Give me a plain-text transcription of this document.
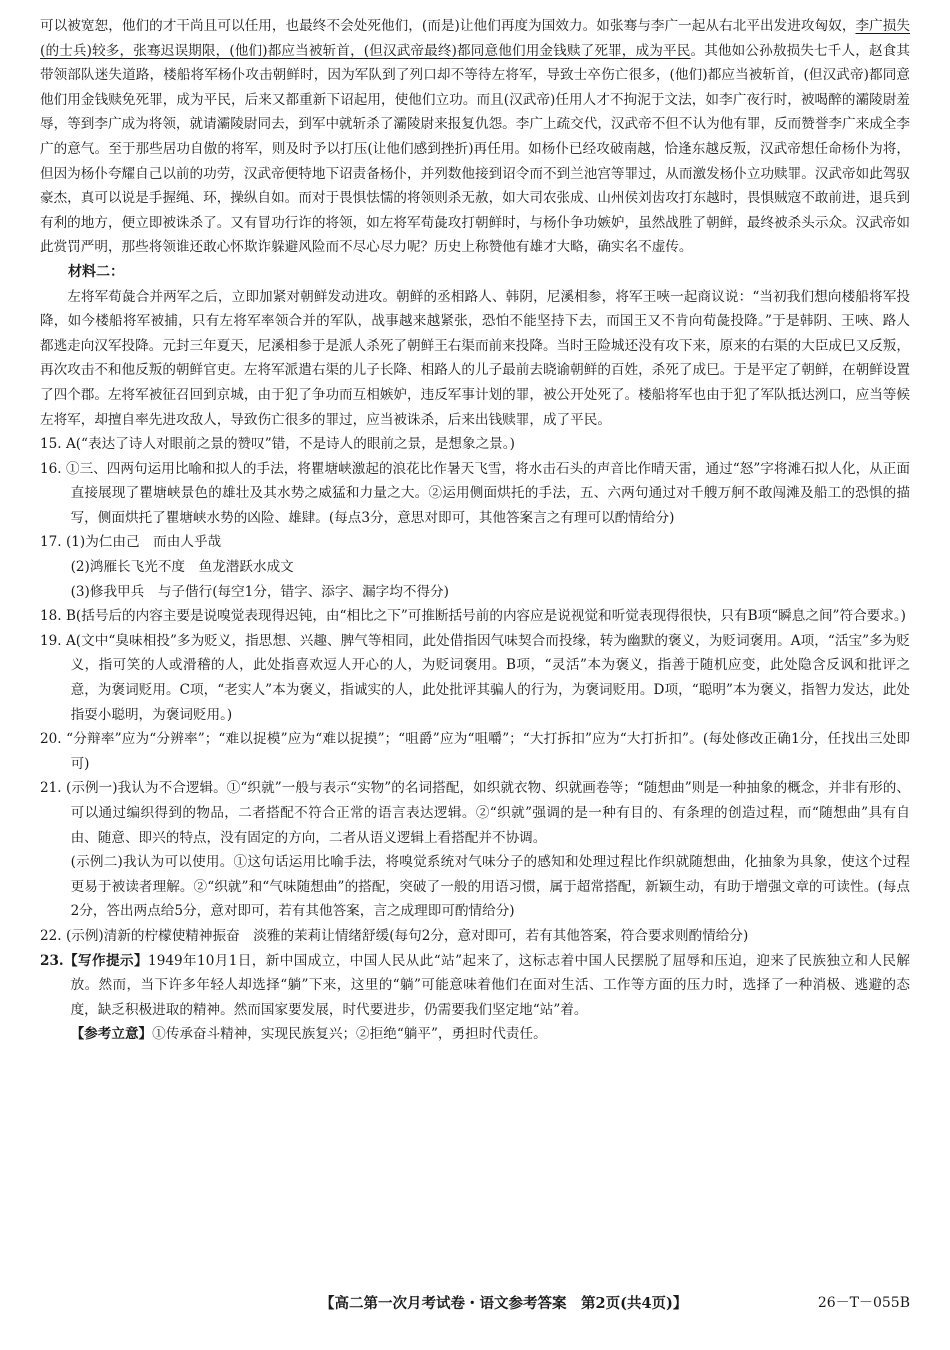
可以被宽恕，他们的才干尚且可以任用，也最终不会处死他们，(而是)让他们再度为国效力。如张骞与李广一起从右北平出发进攻匈奴，李广损失(的士兵)较多，张骞迟误期限，(他们)都应当被斩首，(但汉武帝最终)都同意他们用金钱赎了死罪，成为平民。其他如公孙敖损失七千人，赵食其带领部队迷失道路，楼船将军杨仆攻击朝鲜时，因为军队到了列口却不等待左将军，导致士卒伤亡很多，(他们)都应当被斩首，(但汉武帝)都同意他们用金钱赎免死罪，成为平民，后来又都重新下诏起用，使他们立功。而且(汉武帝)任用人才不拘泥于文法，如李广夜行时，被喝醉的灞陵尉羞辱，等到李广成为将领，就请灞陵尉同去，到军中就斩杀了灞陵尉来报复仇怨。李广上疏交代，汉武帝不但不认为他有罪，反而赞誉李广来成全李广的意气。至于那些居功自傲的将军，则及时予以打压(让他们感到挫折)再任用。如杨仆已经攻破南越，恰逢东越反叛，汉武帝想任命杨仆为将，但因为杨仆夸耀自己以前的功劳，汉武帝便特地下诏责备杨仆，并列数他接到诏令而不到兰池宫等罪过，从而激发杨仆立功赎罪。汉武帝如此驾驭豪杰，真可以说是手握绳、环，操纵自如。而对于畏惧怯懦的将领则杀无赦，如大司农张成、山州侯刘齿攻打东越时，畏惧贼寇不敢前进，退兵到有利的地方，便立即被诛杀了。又有冒功行诈的将领，如左将军荀彘攻打朝鲜时，与杨仆争功嫉妒，虽然战胜了朝鲜，最终被杀头示众。汉武帝如此赏罚严明，那些将领谁还敢心怀欺诈躲避风险而不尽心尽力呢？历史上称赞他有雄才大略，确实名不虚传。

材料二：

左将军荀彘合并两军之后，立即加紧对朝鲜发动进攻。朝鲜的丞相路人、韩阴，尼溪相参，将军王唊一起商议说：“当初我们想向楼船将军投降，如今楼船将军被捕，只有左将军率领合并的军队，战事越来越紧张，恐怕不能坚持下去，而国王又不肯向荀彘投降。”于是韩阴、王唊、路人都逃走向汉军投降。元封三年夏天，尼溪相参于是派人杀死了朝鲜王右渠而前来投降。当时王险城还没有攻下来，原来的右渠的大臣成巳又反叛，再次攻击不和他反叛的朝鲜官吏。左将军派遣右渠的儿子长降、相路人的儿子最前去晓谕朝鲜的百姓，杀死了成巳。于是平定了朝鲜，在朝鲜设置了四个郡。左将军被征召回到京城，由于犯了争功而互相嫉妒，违反军事计划的罪，被公开处死了。楼船将军也由于犯了军队抵达洌口，应当等候左将军，却擅自率先进攻敌人，导致伤亡很多的罪过，应当被诛杀，后来出钱赎罪，成了平民。

15. A(“表达了诗人对眼前之景的赞叹”错，不是诗人的眼前之景，是想象之景。)

16. ①三、四两句运用比喻和拟人的手法，将瞿塘峡激起的浪花比作暑天飞雪，将水击石头的声音比作晴天雷，通过“怒”字将滩石拟人化，从正面直接展现了瞿塘峡景色的雄壮及其水势之威猛和力量之大。②运用侧面烘托的手法，五、六两句通过对千艘万舸不敢闯滩及船工的恐惧的描写，侧面烘托了瞿塘峡水势的凶险、雄肆。(每点3分，意思对即可，其他答案言之有理可以酌情给分)

17. (1)为仁由己　而由人乎哉

(2)鸿雁长飞光不度　鱼龙潜跃水成文

(3)修我甲兵　与子偕行(每空1分，错字、添字、漏字均不得分)

18. B(括号后的内容主要是说嗅觉表现得迟钝，由“相比之下”可推断括号前的内容应是说视觉和听觉表现得很快，只有B项“瞬息之间”符合要求。)

19. A(文中“臭味相投”多为贬义，指思想、兴趣、脾气等相同，此处借指因气味契合而投缘，转为幽默的褒义，为贬词褒用。A项，“活宝”多为贬义，指可笑的人或滑稽的人，此处指喜欢逗人开心的人，为贬词褒用。B项，“灵活”本为褒义，指善于随机应变，此处隐含反讽和批评之意，为褒词贬用。C项，“老实人”本为褒义，指诚实的人，此处批评其骗人的行为，为褒词贬用。D项，“聪明”本为褒义，指智力发达，此处指耍小聪明，为褒词贬用。)

20. “分辩率”应为“分辨率”；“难以捉模”应为“难以捉摸”；“咀爵”应为“咀嚼”；“大打拆扣”应为“大打折扣”。(每处修改正确1分，任找出三处即可)

21. (示例一)我认为不合逻辑。①“织就”一般与表示“实物”的名词搭配，如织就衣物、织就画卷等；“随想曲”则是一种抽象的概念，并非有形的、可以通过编织得到的物品，二者搭配不符合正常的语言表达逻辑。②“织就”强调的是一种有目的、有条理的创造过程，而“随想曲”具有自由、随意、即兴的特点，没有固定的方向，二者从语义逻辑上看搭配并不协调。

(示例二)我认为可以使用。①这句话运用比喻手法，将嗅觉系统对气味分子的感知和处理过程比作织就随想曲，化抽象为具象，使这个过程更易于被读者理解。②“织就”和“气味随想曲”的搭配，突破了一般的用语习惯，属于超常搭配，新颖生动，有助于增强文章的可读性。(每点2分，答出两点给5分，意对即可，若有其他答案，言之成理即可酌情给分)

22. (示例)清新的柠檬使精神振奋　淡雅的茉莉让情绪舒缓(每句2分，意对即可，若有其他答案，符合要求则酌情给分)

23.【写作提示】1949年10月1日，新中国成立，中国人民从此“站”起来了，这标志着中国人民摆脱了屈辱和压迫，迎来了民族独立和人民解放。然而，当下许多年轻人却选择“躺”下来，这里的“躺”可能意味着他们在面对生活、工作等方面的压力时，选择了一种消极、逃避的态度，缺乏积极进取的精神。然而国家要发展，时代要进步，仍需要我们坚定地“站”着。

【参考立意】①传承奋斗精神，实现民族复兴；②拒绝“躺平”，勇担时代责任。

【高二第一次月考试卷・语文参考答案　第2页(共4页)】	26－T－055B
